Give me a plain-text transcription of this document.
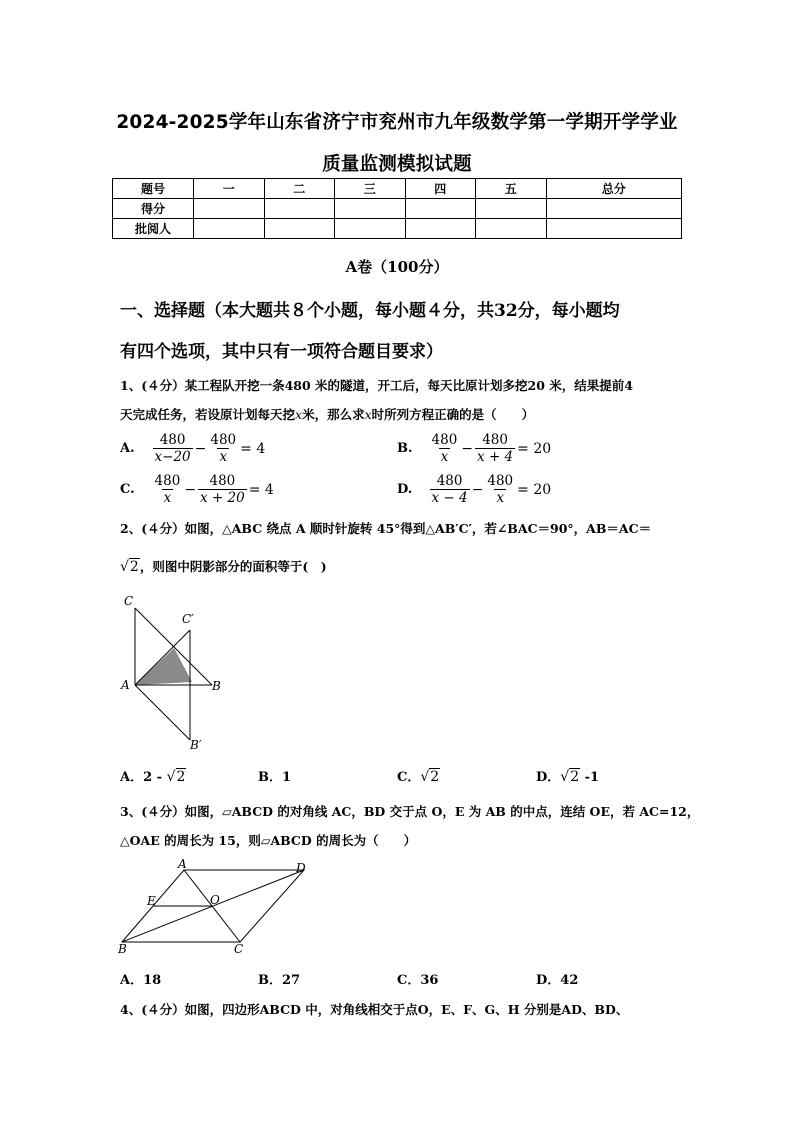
2024-2025学年山东省济宁市兖州市九年级数学第一学期开学学业
质量监测模拟试题
题号	一	二	三	四	五	总分
得分						
批阅人						
A卷（100分）
一、选择题（本大题共８个小题，每小题４分，共32分，每小题均
有四个选项，其中只有一项符合题目要求）
1、(４分）某工程队开挖一条480 米的隧道，开工后，每天比原计划多挖20 米，结果提前4
天完成任务，若设原计划每天挖x米，那么求x时所列方程正确的是（　　）
A. $\frac{480}{x-20} - \frac{480}{x} = 4$	B. $\frac{480}{x} - \frac{480}{x + 4} = 20$
C. $\frac{480}{x} - \frac{480}{x + 20} = 4$	D. $\frac{480}{x - 4} - \frac{480}{x} = 20$
2、(４分）如图，△ABC 绕点 A 顺时针旋转 45°得到△AB′C′，若∠BAC＝90°，AB＝AC＝
√2，则图中阴影部分的面积等于(　)
C
C′
A	B
B′
A．2 - √2	B．1	C．√2	D．√2 -1
3、(４分）如图，▱ABCD 的对角线 AC，BD 交于点 O，E 为 AB 的中点，连结 OE，若 AC=12，
△OAE 的周长为 15，则▱ABCD 的周长为（　　）
A	D
E	O
B	C
A．18	B．27	C．36	D．42
4、(４分）如图，四边形ABCD 中，对角线相交于点O，E、F、G、H 分别是AD、BD、
